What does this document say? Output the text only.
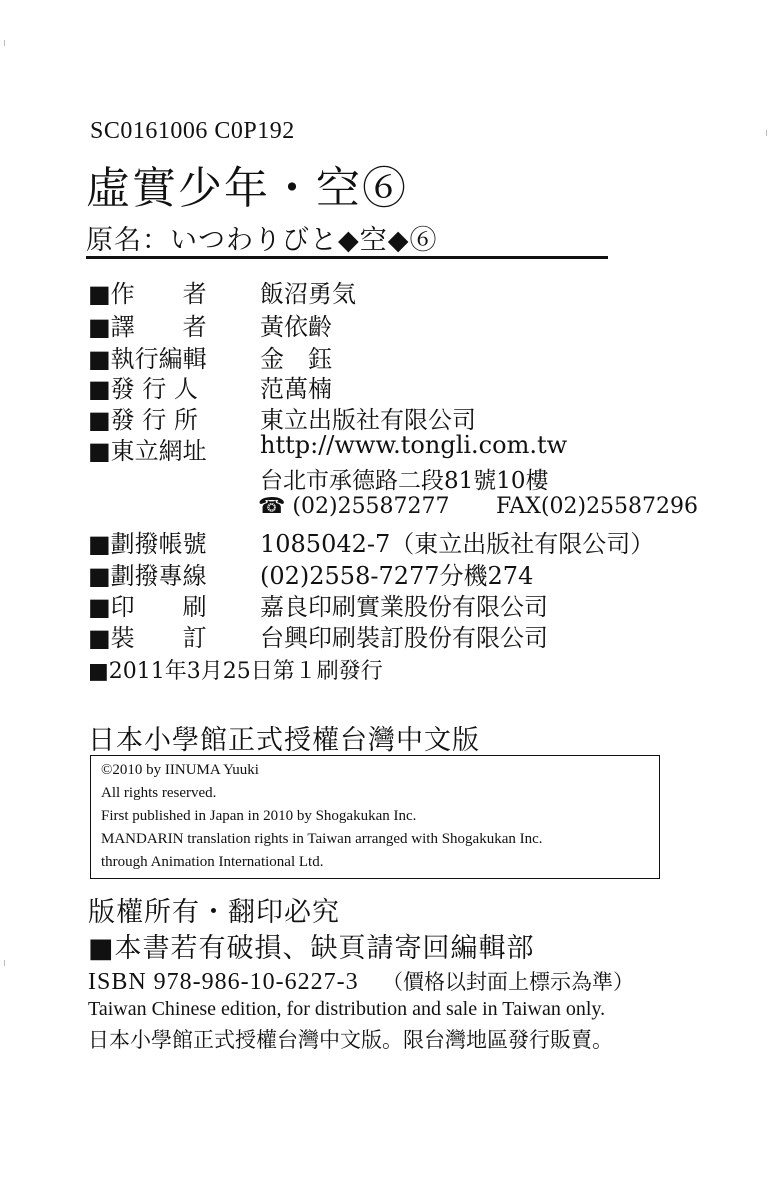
SC0161006 C0P192
虛實少年・空⑥
原名：いつわりびと◆空◆⑥
■作　　者 飯沼勇気
■譯　　者 黃依齡
■執行編輯 金　鈺
■發 行 人	范萬楠
■發 行 所	東立出版社有限公司
■東立網址 http://www.tongli.com.tw
台北市承德路二段81號10樓
☎ (02)25587277 FAX(02)25587296
■劃撥帳號 1085042-7（東立出版社有限公司）
■劃撥專線 (02)2558-7277分機274
■印　　刷 嘉良印刷實業股份有限公司
■裝　　訂 台興印刷裝訂股份有限公司
■2011年3月25日第１刷發行
日本小學館正式授權台灣中文版
©2010 by IINUMA Yuuki
All rights reserved.
First published in Japan in 2010 by Shogakukan Inc.
MANDARIN translation rights in Taiwan arranged with Shogakukan Inc.
through Animation International Ltd.
版權所有・翻印必究
■本書若有破損、缺頁請寄回編輯部
ISBN 978-986-10-6227-3 （價格以封面上標示為準）
Taiwan Chinese edition, for distribution and sale in Taiwan only.
日本小學館正式授權台灣中文版。限台灣地區發行販賣。
